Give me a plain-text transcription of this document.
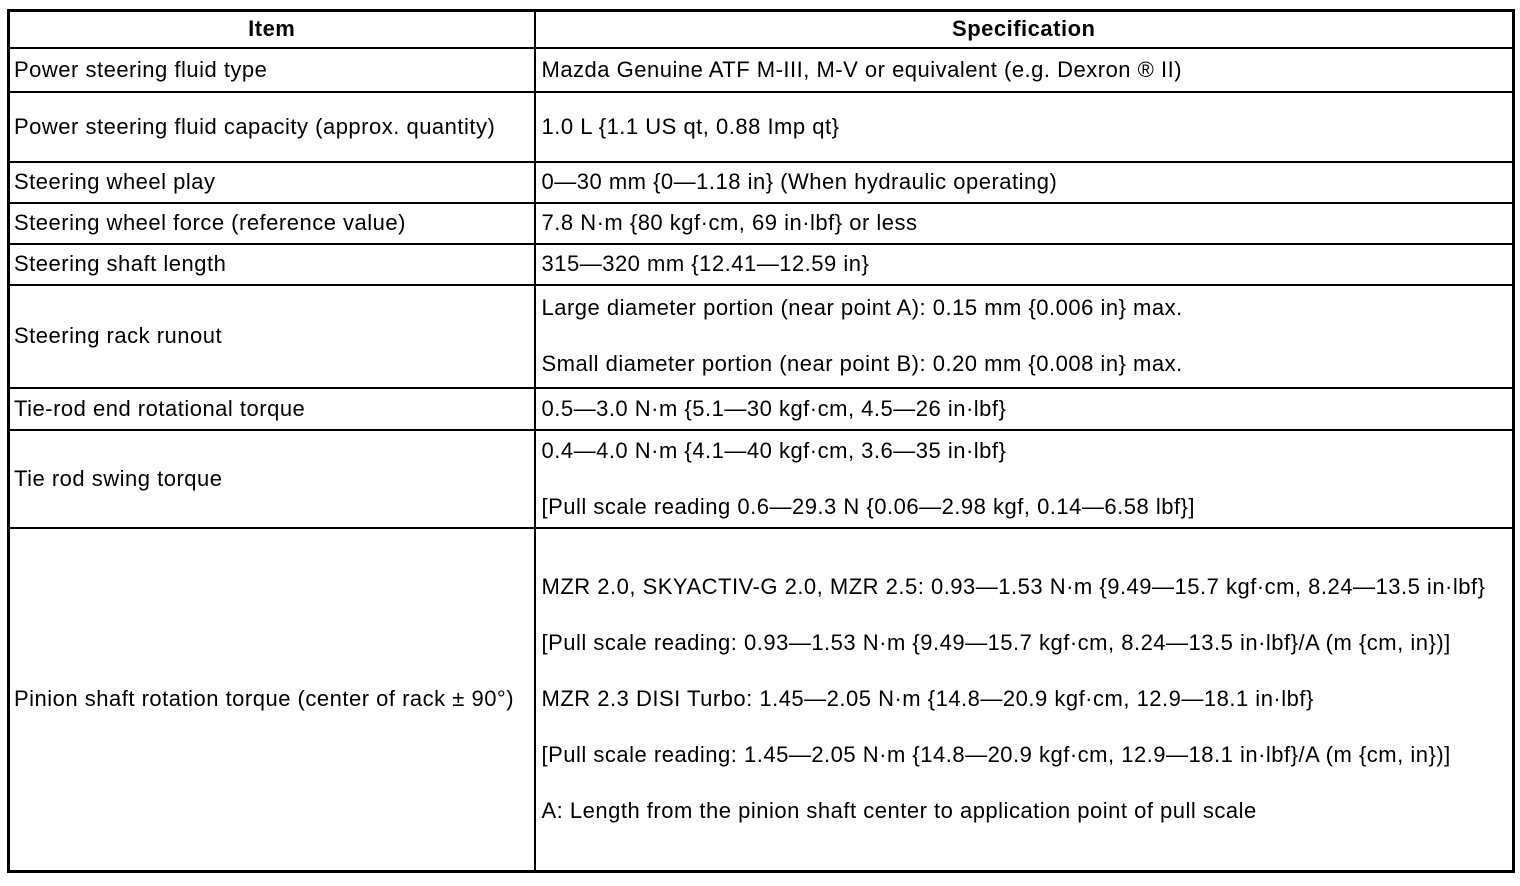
Item	Specification
Power steering fluid type	Mazda Genuine ATF M-III, M-V or equivalent (e.g. Dexron ® II)

Power steering fluid capacity (approx. quantity)	1.0 L {1.1 US qt, 0.88 Imp qt}

Steering wheel play	0—30 mm {0—1.18 in} (When hydraulic operating)

Steering wheel force (reference value)	7.8 N·m {80 kgf·cm, 69 in·lbf} or less

Steering shaft length	315—320 mm {12.41—12.59 in}

Steering rack runout	Large diameter portion (near point A): 0.15 mm {0.006 in} max.
Small diameter portion (near point B): 0.20 mm {0.008 in} max.

Tie-rod end rotational torque	0.5—3.0 N·m {5.1—30 kgf·cm, 4.5—26 in·lbf}

Tie rod swing torque	0.4—4.0 N·m {4.1—40 kgf·cm, 3.6—35 in·lbf}
[Pull scale reading 0.6—29.3 N {0.06—2.98 kgf, 0.14—6.58 lbf}]

Pinion shaft rotation torque (center of rack ± 90°)	MZR 2.0, SKYACTIV-G 2.0, MZR 2.5: 0.93—1.53 N·m {9.49—15.7 kgf·cm, 8.24—13.5 in·lbf}
[Pull scale reading: 0.93—1.53 N·m {9.49—15.7 kgf·cm, 8.24—13.5 in·lbf}/A (m {cm, in})]
MZR 2.3 DISI Turbo: 1.45—2.05 N·m {14.8—20.9 kgf·cm, 12.9—18.1 in·lbf}
[Pull scale reading: 1.45—2.05 N·m {14.8—20.9 kgf·cm, 12.9—18.1 in·lbf}/A (m {cm, in})]
A: Length from the pinion shaft center to application point of pull scale
